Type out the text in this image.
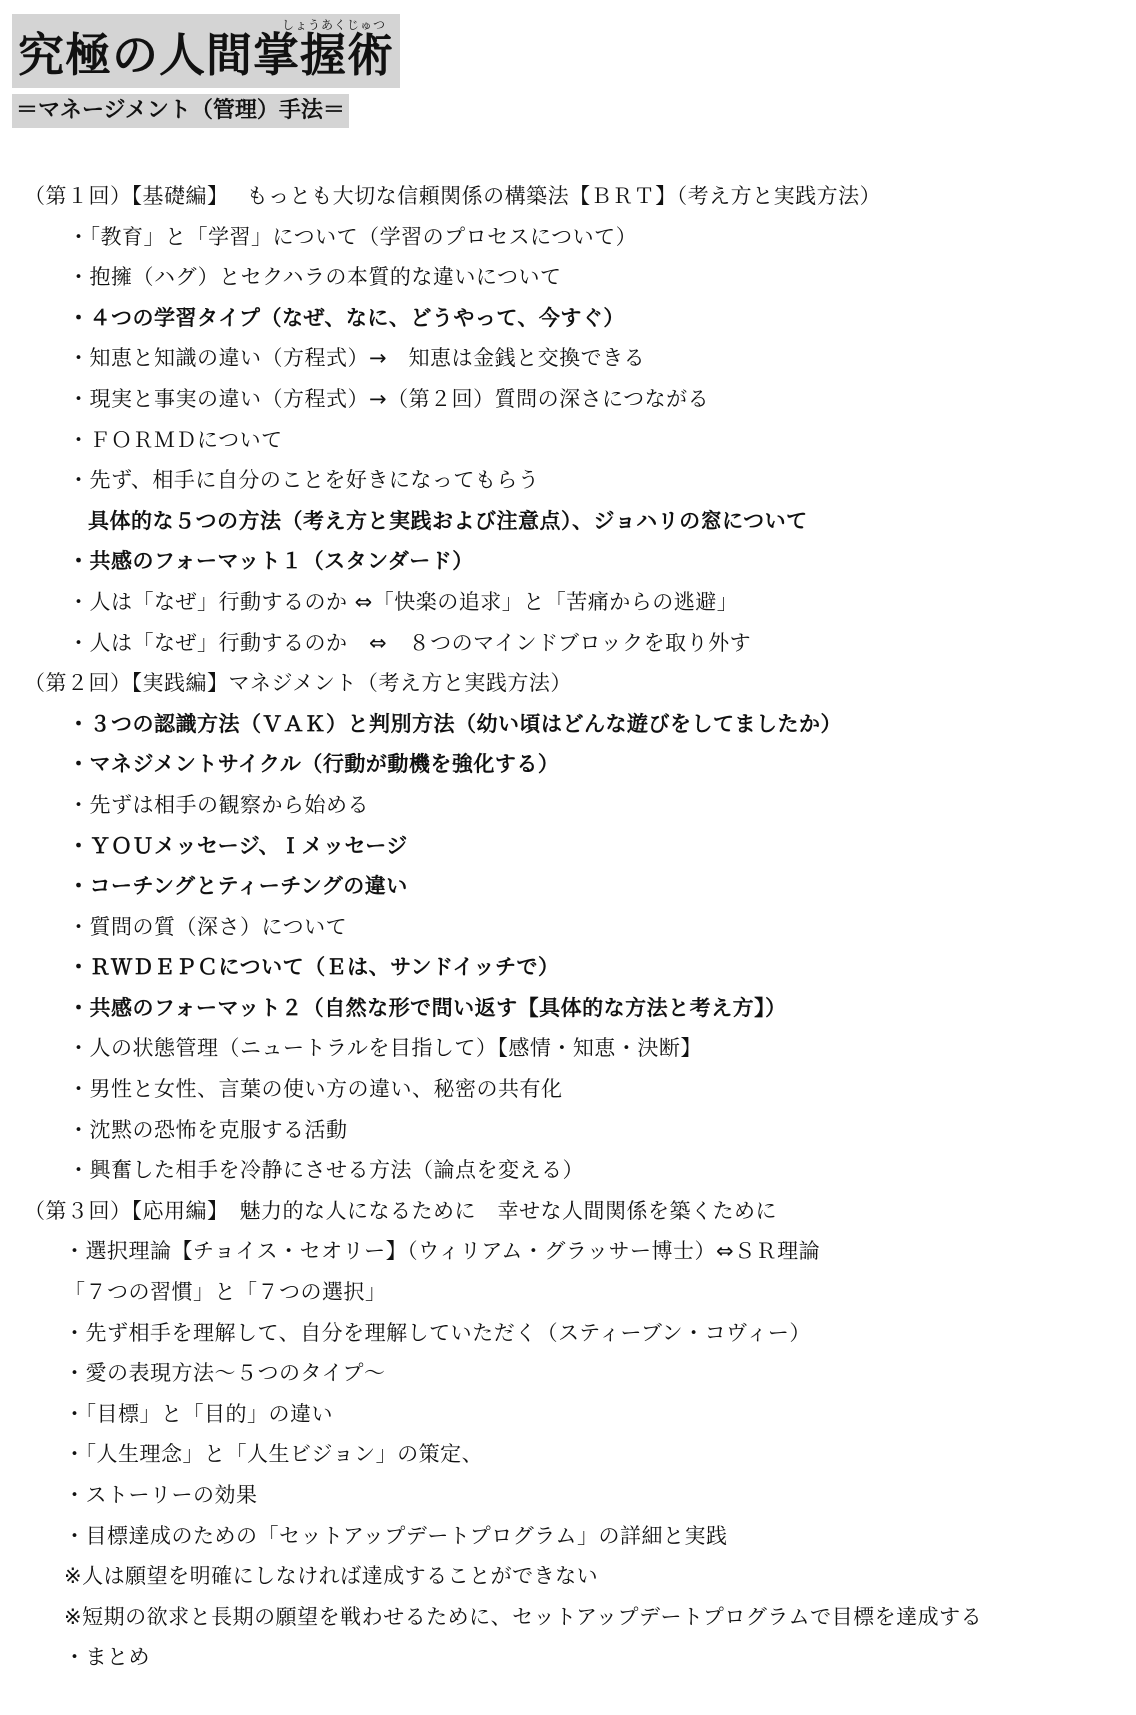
しょうあくじゅつ
究極の人間掌握術
＝マネージメント（管理）手法＝
（第１回）【基礎編】　 もっとも大切な信頼関係の構築法【ＢＲＴ】（考え方と実践方法）
・「教育」と「学習」について（学習のプロセスについて）
・抱擁（ハグ）とセクハラの本質的な違いについて
・４つの学習タイプ（なぜ、なに、どうやって、今すぐ）
・知恵と知識の違い（方程式）→　知恵は金銭と交換できる
・現実と事実の違い（方程式）→（第２回）質問の深さにつながる
・ＦＯＲＭＤについて
・先ず、相手に自分のことを好きになってもらう
具体的な５つの方法（考え方と実践および注意点）、ジョハリの窓について
・共感のフォーマット１（スタンダード）
・人は「なぜ」行動するのか ⇔「快楽の追求」と「苦痛からの逃避」
・人は「なぜ」行動するのか　⇔　８つのマインドブロックを取り外す
（第２回）【実践編】マネジメント（考え方と実践方法）
・３つの認識方法（ＶＡＫ）と判別方法（幼い頃はどんな遊びをしてましたか）
・マネジメントサイクル（行動が動機を強化する）
・先ずは相手の観察から始める
・ＹＯＵメッセージ、Ｉメッセージ
・コーチングとティーチングの違い
・質問の質（深さ）について
・ＲＷＤＥＰＣについて（Ｅは、サンドイッチで）
・共感のフォーマット２（自然な形で問い返す【具体的な方法と考え方】）
・人の状態管理（ニュートラルを目指して）【感情・知恵・決断】
・男性と女性、言葉の使い方の違い、秘密の共有化
・沈黙の恐怖を克服する活動
・興奮した相手を冷静にさせる方法（論点を変える）
（第３回）【応用編】　魅力的な人になるために　幸せな人間関係を築くために
・選択理論【チョイス・セオリー】（ウィリアム・グラッサー博士）⇔ＳＲ理論
「７つの習慣」と「７つの選択」
・先ず相手を理解して、自分を理解していただく（スティーブン・コヴィー）
・愛の表現方法～５つのタイプ～
・「目標」と「目的」の違い
・「人生理念」と「人生ビジョン」の策定、
・ストーリーの効果
・目標達成のための「セットアップデートプログラム」の詳細と実践
※人は願望を明確にしなければ達成することができない
※短期の欲求と長期の願望を戦わせるために、セットアップデートプログラムで目標を達成する
・まとめ
